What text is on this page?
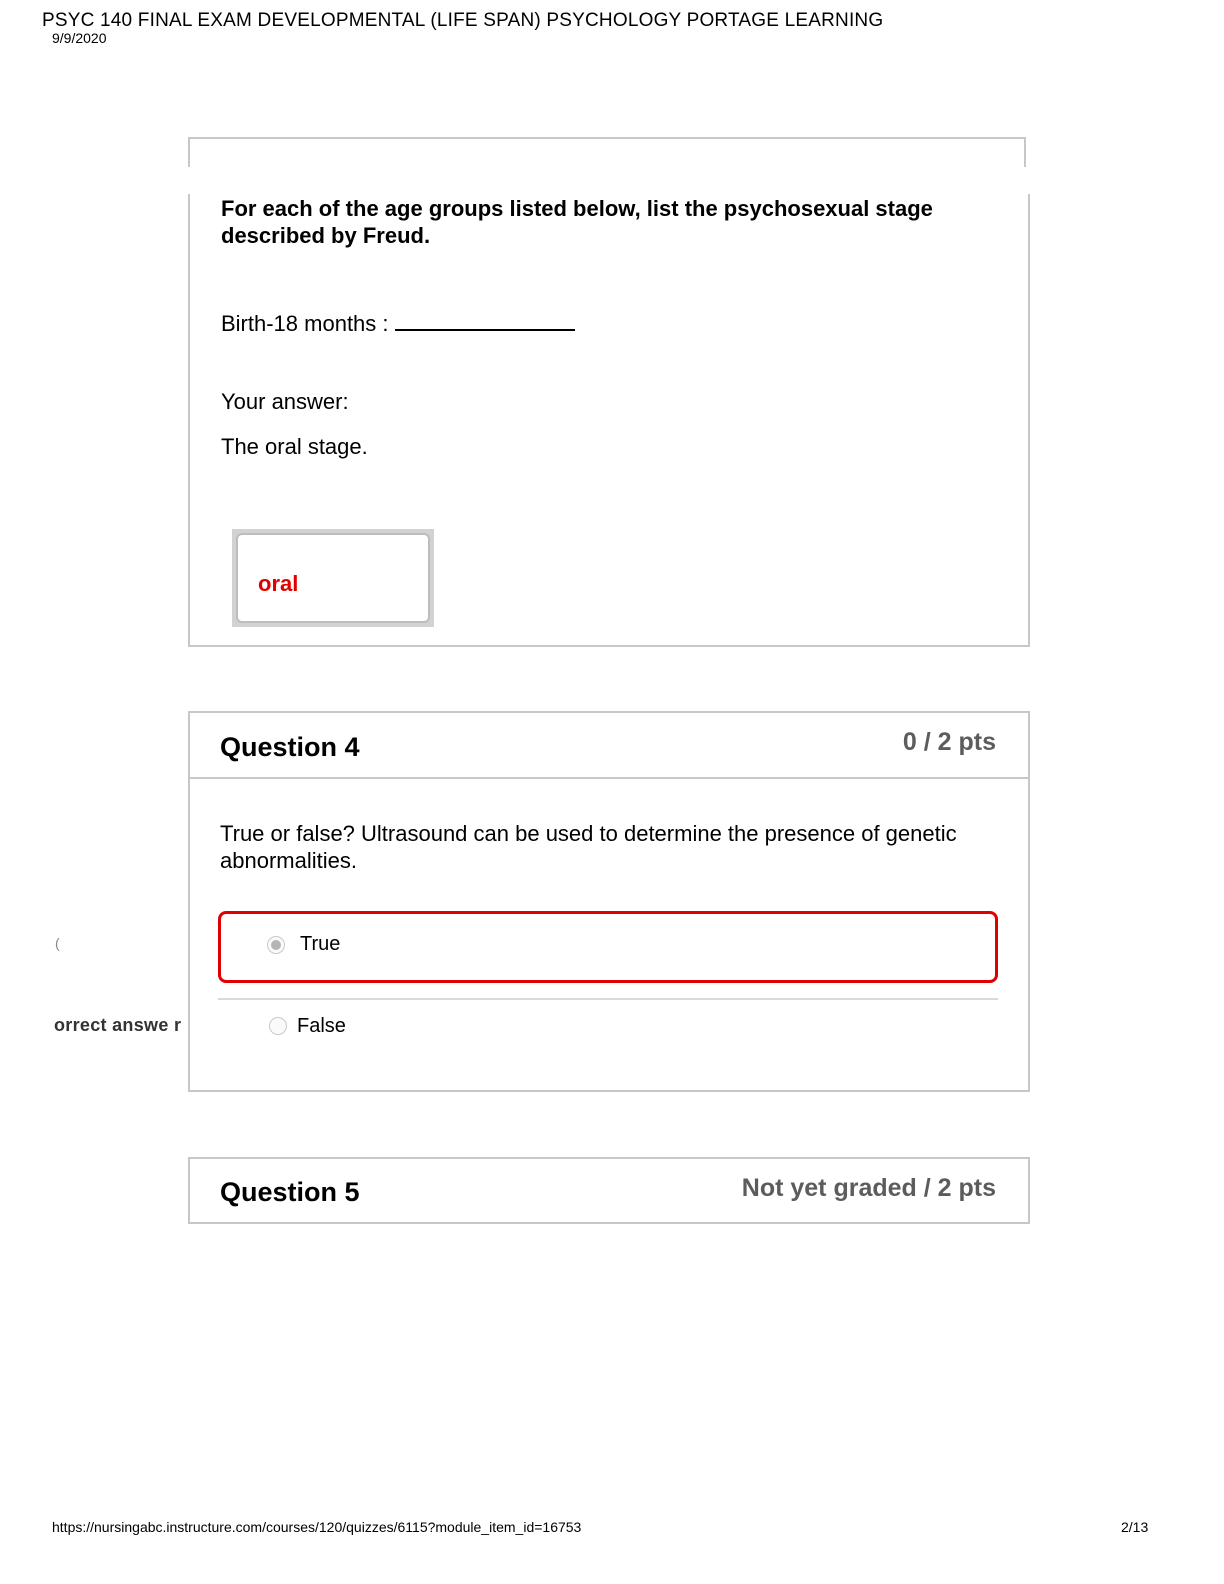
PSYC 140 FINAL EXAM DEVELOPMENTAL (LIFE SPAN) PSYCHOLOGY PORTAGE LEARNING
9/9/2020
For each of the age groups listed below, list the psychosexual stage described by Freud.
Birth-18 months :
Your answer:
The oral stage.
oral
(
orrect answe r
Question 4	0 / 2 pts
True or false? Ultrasound can be used to determine the presence of genetic abnormalities.
True
False
Question 5	Not yet graded / 2 pts
https://nursingabc.instructure.com/courses/120/quizzes/6115?module_item_id=16753	2/13
